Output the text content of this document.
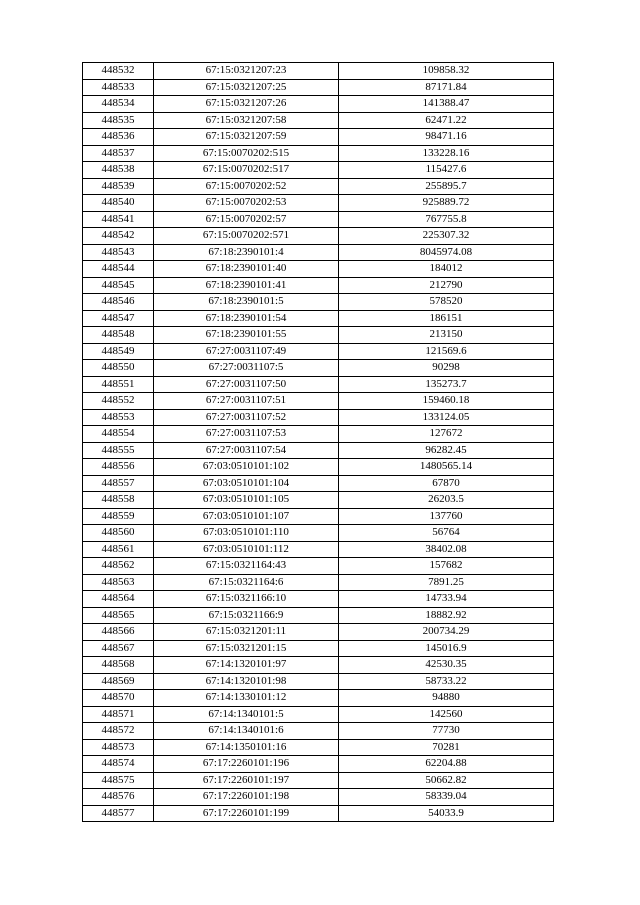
448532	67:15:0321207:23	109858.32
448533	67:15:0321207:25	87171.84
448534	67:15:0321207:26	141388.47
448535	67:15:0321207:58	62471.22
448536	67:15:0321207:59	98471.16
448537	67:15:0070202:515	133228.16
448538	67:15:0070202:517	115427.6
448539	67:15:0070202:52	255895.7
448540	67:15:0070202:53	925889.72
448541	67:15:0070202:57	767755.8
448542	67:15:0070202:571	225307.32
448543	67:18:2390101:4	8045974.08
448544	67:18:2390101:40	184012
448545	67:18:2390101:41	212790
448546	67:18:2390101:5	578520
448547	67:18:2390101:54	186151
448548	67:18:2390101:55	213150
448549	67:27:0031107:49	121569.6
448550	67:27:0031107:5	90298
448551	67:27:0031107:50	135273.7
448552	67:27:0031107:51	159460.18
448553	67:27:0031107:52	133124.05
448554	67:27:0031107:53	127672
448555	67:27:0031107:54	96282.45
448556	67:03:0510101:102	1480565.14
448557	67:03:0510101:104	67870
448558	67:03:0510101:105	26203.5
448559	67:03:0510101:107	137760
448560	67:03:0510101:110	56764
448561	67:03:0510101:112	38402.08
448562	67:15:0321164:43	157682
448563	67:15:0321164:6	7891.25
448564	67:15:0321166:10	14733.94
448565	67:15:0321166:9	18882.92
448566	67:15:0321201:11	200734.29
448567	67:15:0321201:15	145016.9
448568	67:14:1320101:97	42530.35
448569	67:14:1320101:98	58733.22
448570	67:14:1330101:12	94880
448571	67:14:1340101:5	142560
448572	67:14:1340101:6	77730
448573	67:14:1350101:16	70281
448574	67:17:2260101:196	62204.88
448575	67:17:2260101:197	50662.82
448576	67:17:2260101:198	58339.04
448577	67:17:2260101:199	54033.9
